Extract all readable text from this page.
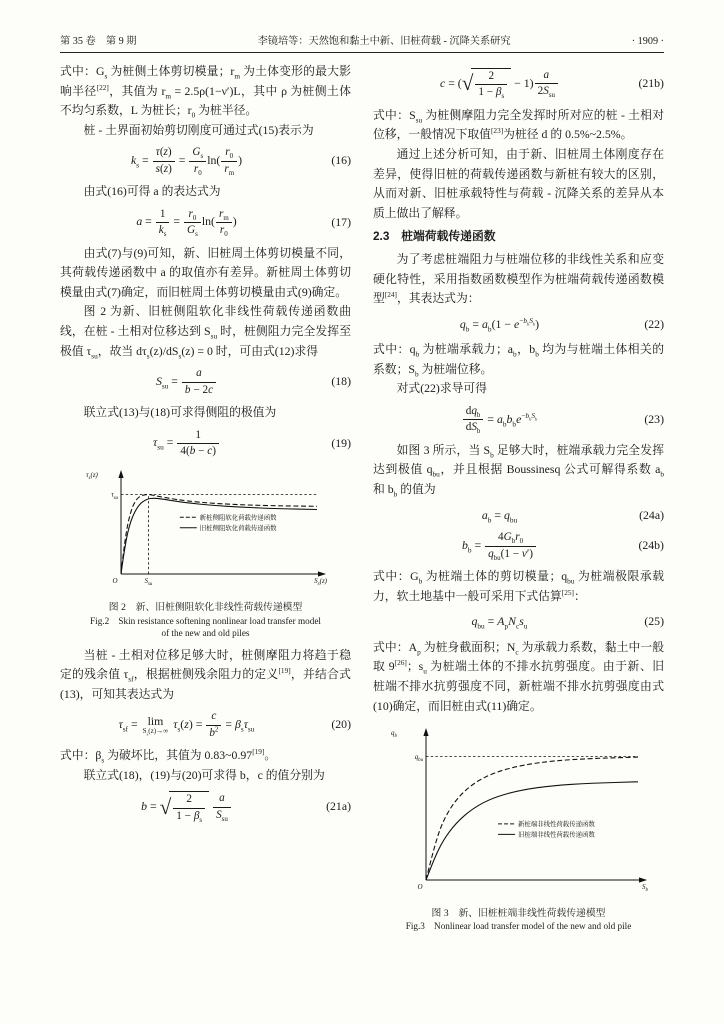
第 35 卷　第 9 期	李镜培等：天然饱和黏土中新、旧桩荷载 - 沉降关系研究	· 1909 ·

式中：$G_s$ 为桩侧土体剪切模量；$r_m$ 为土体变形的最大影响半径[22]，其值为 $r_m = 2.5\rho(1-\nu')L$，其中 ρ 为桩侧土体不均匀系数，L 为桩长；$r_0$ 为桩半径。

桩 - 土界面初始剪切刚度可通过式(15)表示为

$k_s = \frac{\tau(z)}{s(z)} = \frac{G_s}{r_0} \ln( \frac{r_0}{r_m}$ )	(16)

由式(16)可得 a 的表达式为

$a = \frac{1}{k_s} = \frac{r_0}{G_s} \ln( \frac{r_m}{r_0}$ )	(17)

由式(7)与(9)可知，新、旧桩周土体剪切模量不同，其荷载传递函数中 a 的取值亦有差异。新桩周土体剪切模量由式(7)确定，而旧桩周土体剪切模量由式(9)确定。

图 2 为新、旧桩侧阻软化非线性荷载传递函数曲线，在桩 - 土相对位移达到 $S_{su}$ 时，桩侧阻力完全发挥至极值 $\tau_{su}$，故当 $d\tau_s(z)/dS_s(z) = 0$ 时，可由式(12)求得

$S_{su} = \frac{a}{b - 2c}$	(18)

联立式(13)与(18)可求得侧阻的极值为

$\tau_{su} = \frac{1}{4(b - c)}$	(19)
$\tau_{su}$
$S_{su}$
新桩侧阻软化荷载传递函数
旧桩侧阻软化荷载传递函数
$\tau_s(z)$
$S_s(z)$
O
图 2　新、旧桩侧阻软化非线性荷载传递模型
Fig.2　Skin resistance softening nonlinear load transfer model
of the new and old piles

当桩 - 土相对位移足够大时，桩侧摩阻力将趋于稳定的残余值 $\tau_{sf}$，根据桩侧残余阻力的定义[19]，并结合式(13)，可知其表达式为

$\tau_{sf} = \lim$
$S_s(z)\to\infty$ $\tau_s(z) = \frac{c}{b^2} = \beta_s\tau_{su}$	(20)

式中：$\beta_s$ 为破坏比，其值为 0.83~0.97[19]。

联立式(18)，(19)与(20)可求得 b，c 的值分别为

b = √ $\frac{2}{1 - \beta_s}$
	a
$S_{su}$
(21a)
c = (√ $\frac{2}{1 - \beta_s} - 1$)
a
$2S_{su}$
(21b)

式中：$S_{su}$ 为桩侧摩阻力完全发挥时所对应的桩 - 土相对位移，一般情况下取值[23]为桩径 d 的 0.5%~2.5%。

通过上述分析可知，由于新、旧桩周土体刚度存在差异，使得旧桩的荷载传递函数与新桩有较大的区别，从而对新、旧桩承载特性与荷载 - 沉降关系的差异从本质上做出了解释。

2.3　桩端荷载传递函数

为了考虑桩端阻力与桩端位移的非线性关系和应变硬化特性，采用指数函数模型作为桩端荷载传递函数模型[24]，其表达式为：

$q_b = a_b(1 - e^{-b_bS_b})$	(22)

式中：$q_b$ 为桩端承载力；$a_b$，$b_b$ 均为与桩端土体相关的系数；$S_b$ 为桩端位移。

对式(22)求导可得

$dq_b$
$dS_b$
= $a_bb_be^{-b_bS_b}$	(23)

如图 3 所示，当 $S_b$ 足够大时，桩端承载力完全发挥达到极值 $q_{bu}$，并且根据 Boussinesq 公式可解得系数 $a_b$ 和 $b_b$ 的值为

$a_b = q_{bu}$	(24a)
$b_b$ =
$4G_br_0$
$q_{bu}(1 - \nu')$
(24b)

式中：$G_b$ 为桩端土体的剪切模量；$q_{bu}$ 为桩端极限承载力，软土地基中一般可采用下式估算[25]：

$q_{bu} = A_pN_cs_u$	(25)

式中：$A_p$ 为桩身截面积；$N_c$ 为承载力系数，黏土中一般取 9[26]；$s_u$ 为桩端土体的不排水抗剪强度。由于新、旧桩端不排水抗剪强度不同，新桩端不排水抗剪强度由式(10)确定，而旧桩由式(11)确定。

$q_{bu}$
新桩端非线性荷载传递函数
旧桩端非线性荷载传递函数
$q_b$
$S_b$
O
图 3　新、旧桩桩端非线性荷载传递模型
Fig.3　Nonlinear load transfer model of the new and old pile
